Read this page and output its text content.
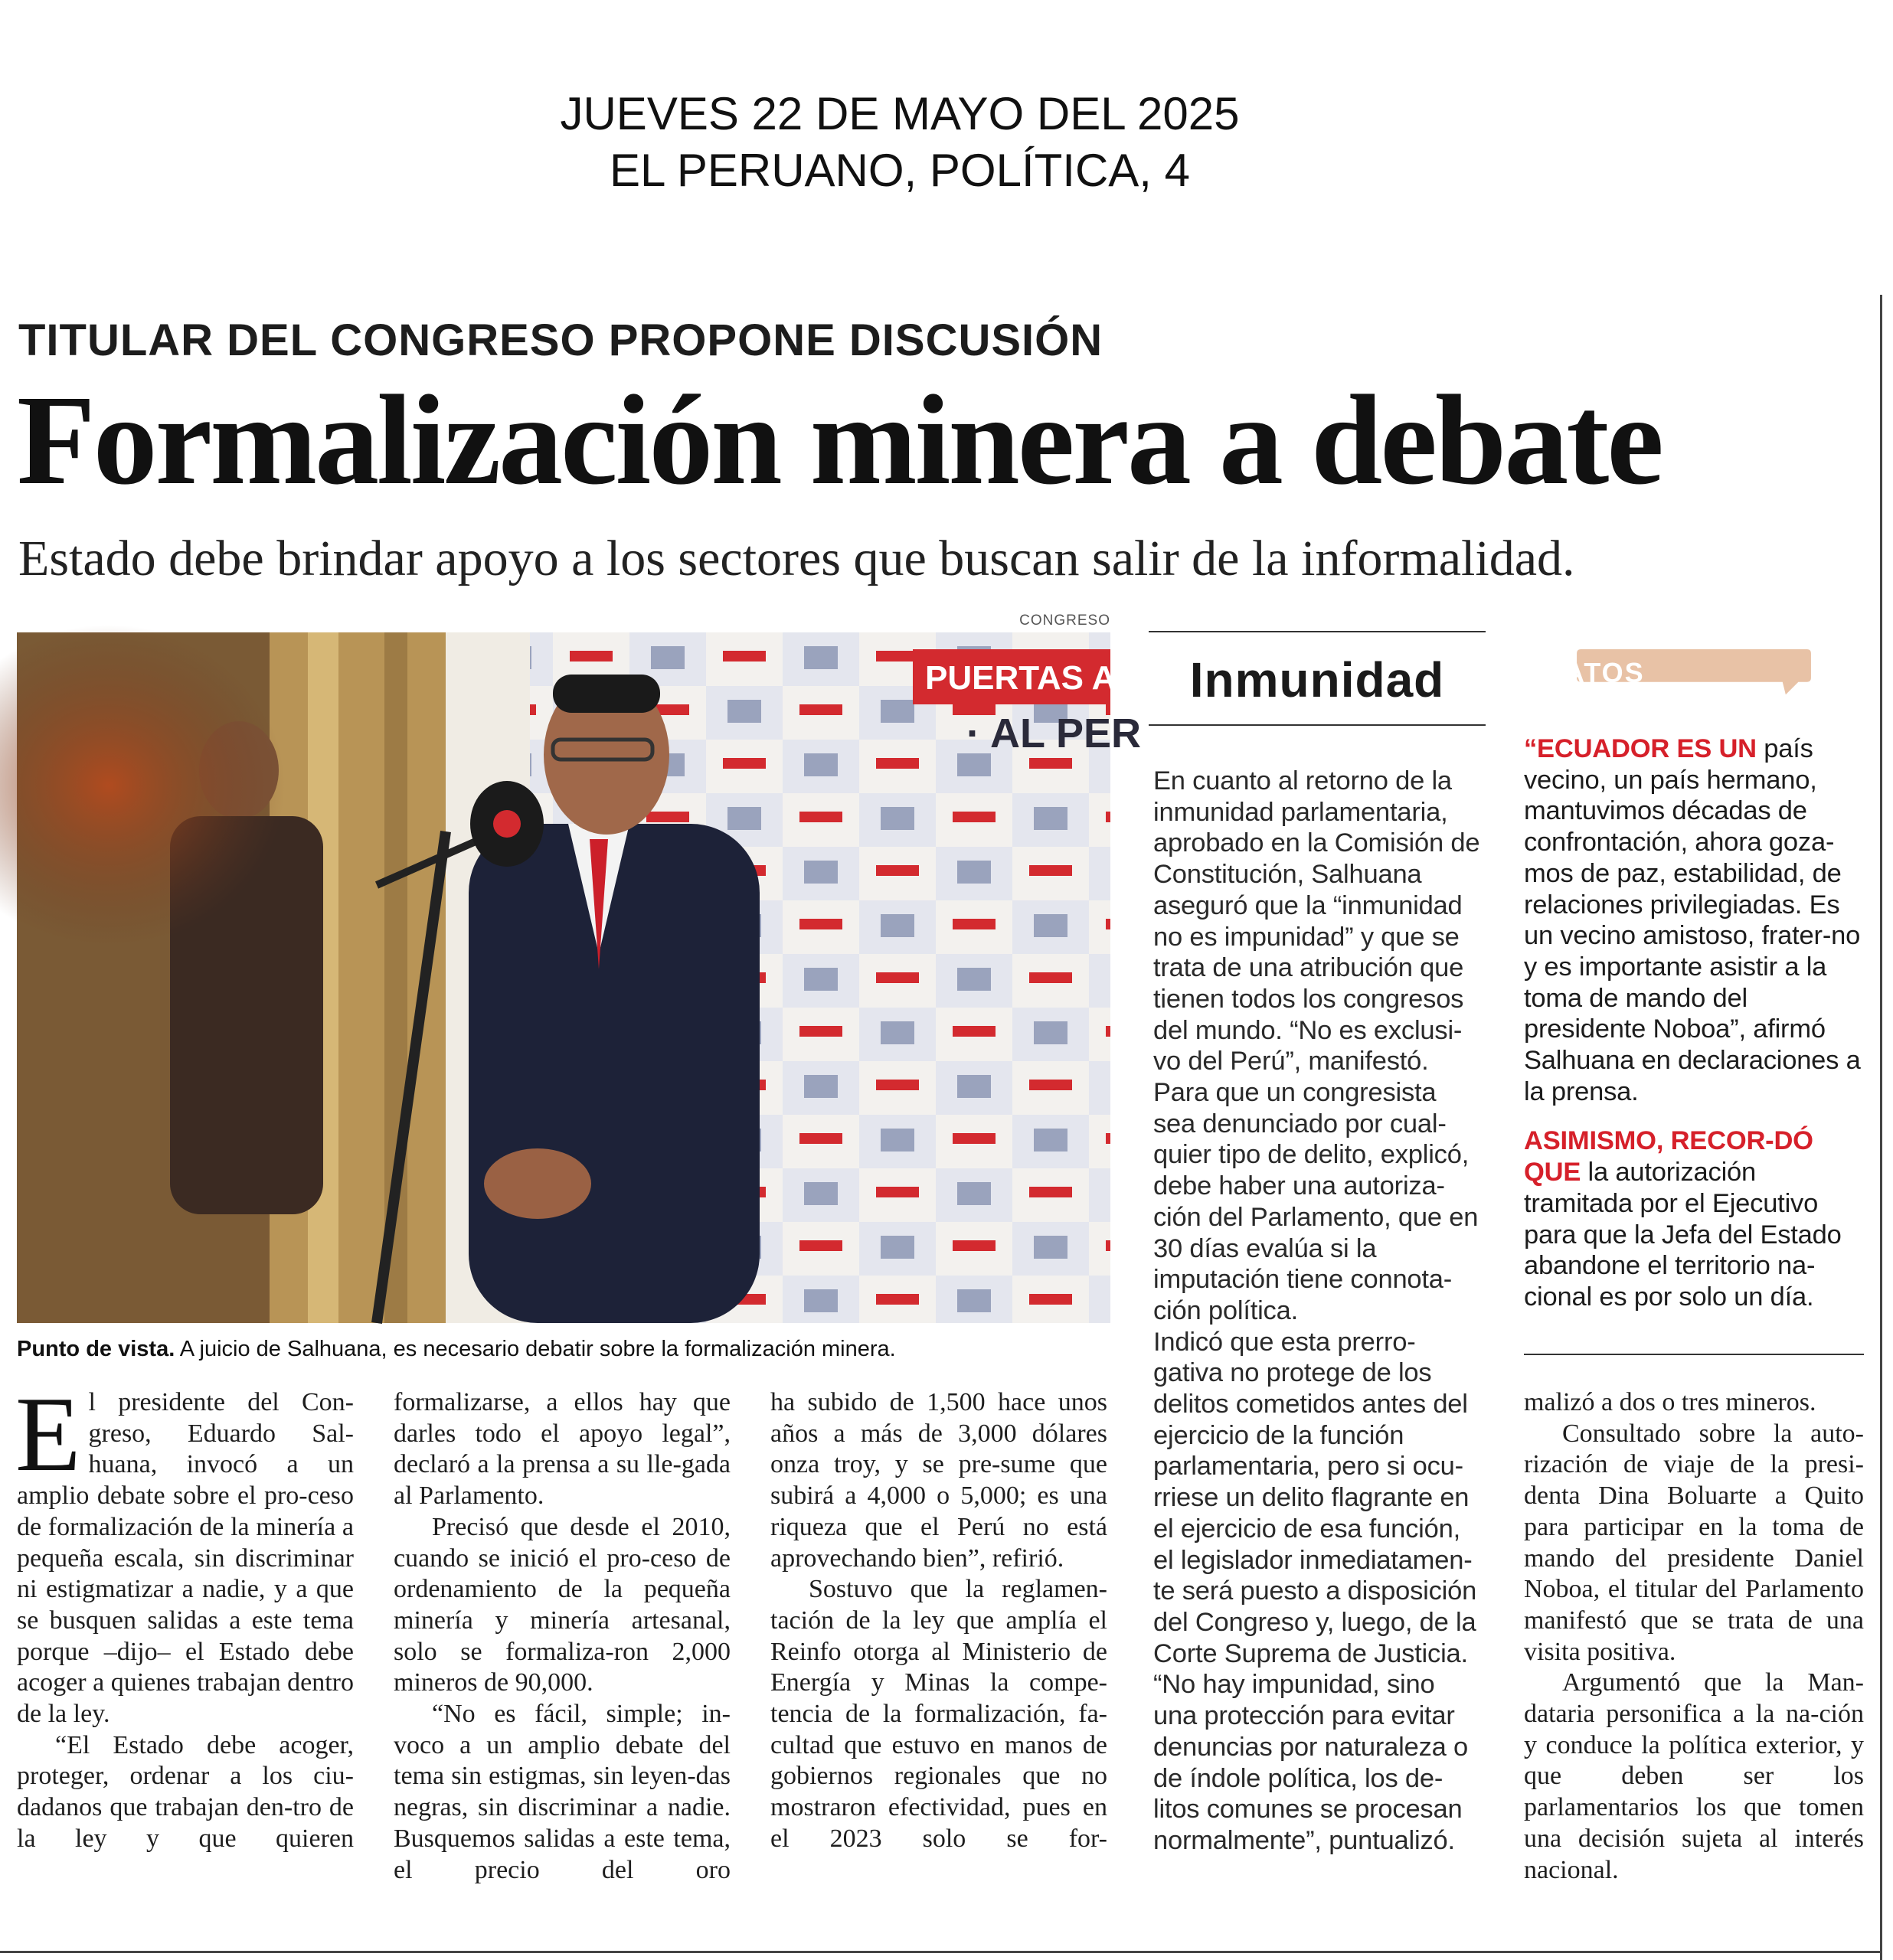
JUEVES 22 DE MAYO DEL 2025
EL PERUANO, POLÍTICA, 4
TITULAR DEL CONGRESO PROPONE DISCUSIÓN
Formalización minera a debate
Estado debe brindar apoyo a los sectores que buscan salir de la informalidad.
CONGRESO
PUERTAS ABI
· AL PER
Punto de vista. A juicio de Salhuana, es necesario debatir sobre la formalización minera.

El presidente del Con-greso, Eduardo Sal-huana, invocó a un amplio debate sobre el pro-ceso de formalización de la minería a pequeña escala, sin discriminar ni estigmatizar a nadie, y a que se busquen salidas a este tema porque –dijo– el Estado debe acoger a quienes trabajan dentro de la ley.

“El Estado debe acoger, proteger, ordenar a los ciu-dadanos que trabajan den-tro de la ley y que quieren

formalizarse, a ellos hay que darles todo el apoyo legal”, declaró a la prensa a su lle-gada al Parlamento.

Precisó que desde el 2010, cuando se inició el pro-ceso de ordenamiento de la pequeña minería y minería artesanal, solo se formaliza-ron 2,000 mineros de 90,000.

“No es fácil, simple; in-voco a un amplio debate del tema sin estigmas, sin leyen-das negras, sin discriminar a nadie. Busquemos salidas a este tema, el precio del oro

ha subido de 1,500 hace unos años a más de 3,000 dólares onza troy, y se pre-sume que subirá a 4,000 o 5,000; es una riqueza que el Perú no está aprovechando bien”, refirió.

Sostuvo que la reglamen-tación de la ley que amplía el Reinfo otorga al Ministerio de Energía y Minas la compe-tencia de la formalización, fa-cultad que estuvo en manos de gobiernos regionales que no mostraron efectividad, pues en el 2023 solo se for-

malizó a dos o tres mineros.

Consultado sobre la auto-rización de viaje de la presi-denta Dina Boluarte a Quito para participar en la toma de mando del presidente Daniel Noboa, el titular del Parlamento manifestó que se trata de una visita positiva.

Argumentó que la Man-dataria personifica a la na-ción y conduce la política exterior, y que deben ser los parlamentarios los que tomen una decisión sujeta al interés nacional.

Inmunidad

En cuanto al retorno de la inmunidad parlamentaria, aprobado en la Comisión de Constitución, Salhuana aseguró que la “inmunidad no es impunidad” y que se trata de una atribución que tienen todos los congresos del mundo. “No es exclusi-vo del Perú”, manifestó.

Para que un congresista sea denunciado por cual-quier tipo de delito, explicó, debe haber una autoriza-ción del Parlamento, que en 30 días evalúa si la imputación tiene connota-ción política.

Indicó que esta prerro-gativa no protege de los delitos cometidos antes del ejercicio de la función parlamentaria, pero si ocu-rriese un delito flagrante en el ejercicio de esa función, el legislador inmediatamen-te será puesto a disposición del Congreso y, luego, de la Corte Suprema de Justicia.

“No hay impunidad, sino una protección para evitar denuncias por naturaleza o de índole política, los de-litos comunes se procesan normalmente”, puntualizó.

DATOS

“ECUADOR ES UN país vecino, un país hermano, mantuvimos décadas de confrontación, ahora goza-mos de paz, estabilidad, de relaciones privilegiadas. Es un vecino amistoso, frater-no y es importante asistir a la toma de mando del presidente Noboa”, afirmó Salhuana en declaraciones a la prensa.

ASIMISMO, RECOR-DÓ QUE la autorización tramitada por el Ejecutivo para que la Jefa del Estado abandone el territorio na-cional es por solo un día.
